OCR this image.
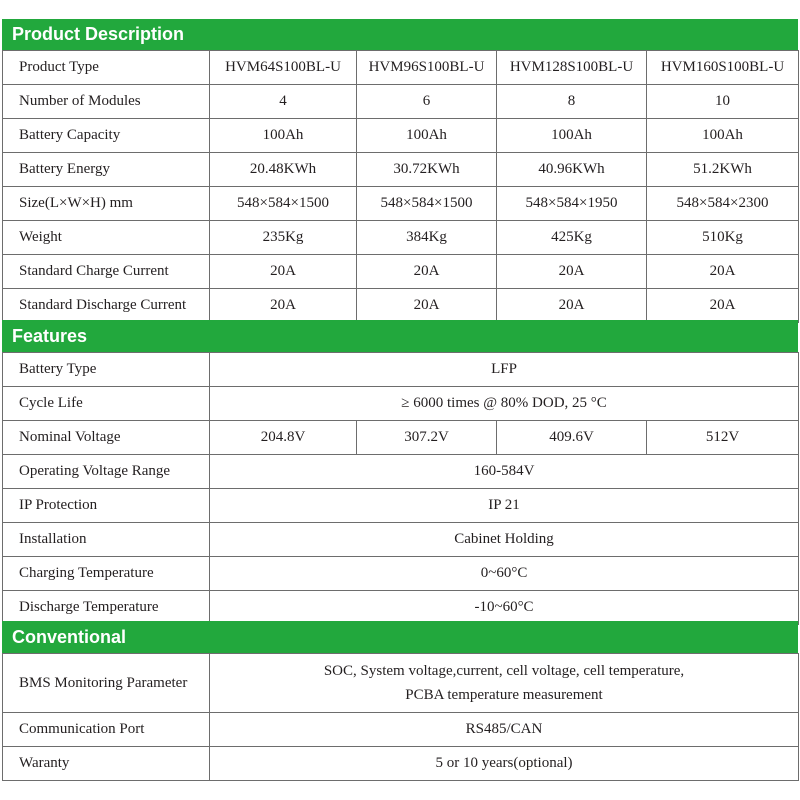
Product Description
Product Type	HVM64S100BL-U	HVM96S100BL-U	HVM128S100BL-U	HVM160S100BL-U
Number of Modules	4	6	8	10
Battery Capacity	100Ah	100Ah	100Ah	100Ah
Battery Energy	20.48KWh	30.72KWh	40.96KWh	51.2KWh
Size(L×W×H) mm	548×584×1500	548×584×1500	548×584×1950	548×584×2300
Weight	235Kg	384Kg	425Kg	510Kg
Standard Charge Current	20A	20A	20A	20A
Standard Discharge Current	20A	20A	20A	20A
Features
Battery Type	LFP			
Cycle Life	≥ 6000 times @ 80% DOD, 25 °C			
Nominal Voltage	204.8V	307.2V	409.6V	512V
Operating Voltage Range	160-584V			
IP Protection	IP 21			
Installation	Cabinet Holding			
Charging Temperature	0~60°C			
Discharge Temperature	-10~60°C			
Conventional
BMS Monitoring Parameter	SOC, System voltage,current, cell voltage, cell temperature,
PCBA temperature measurement

Communication Port	RS485/CAN
Waranty	5 or 10 years(optional)
